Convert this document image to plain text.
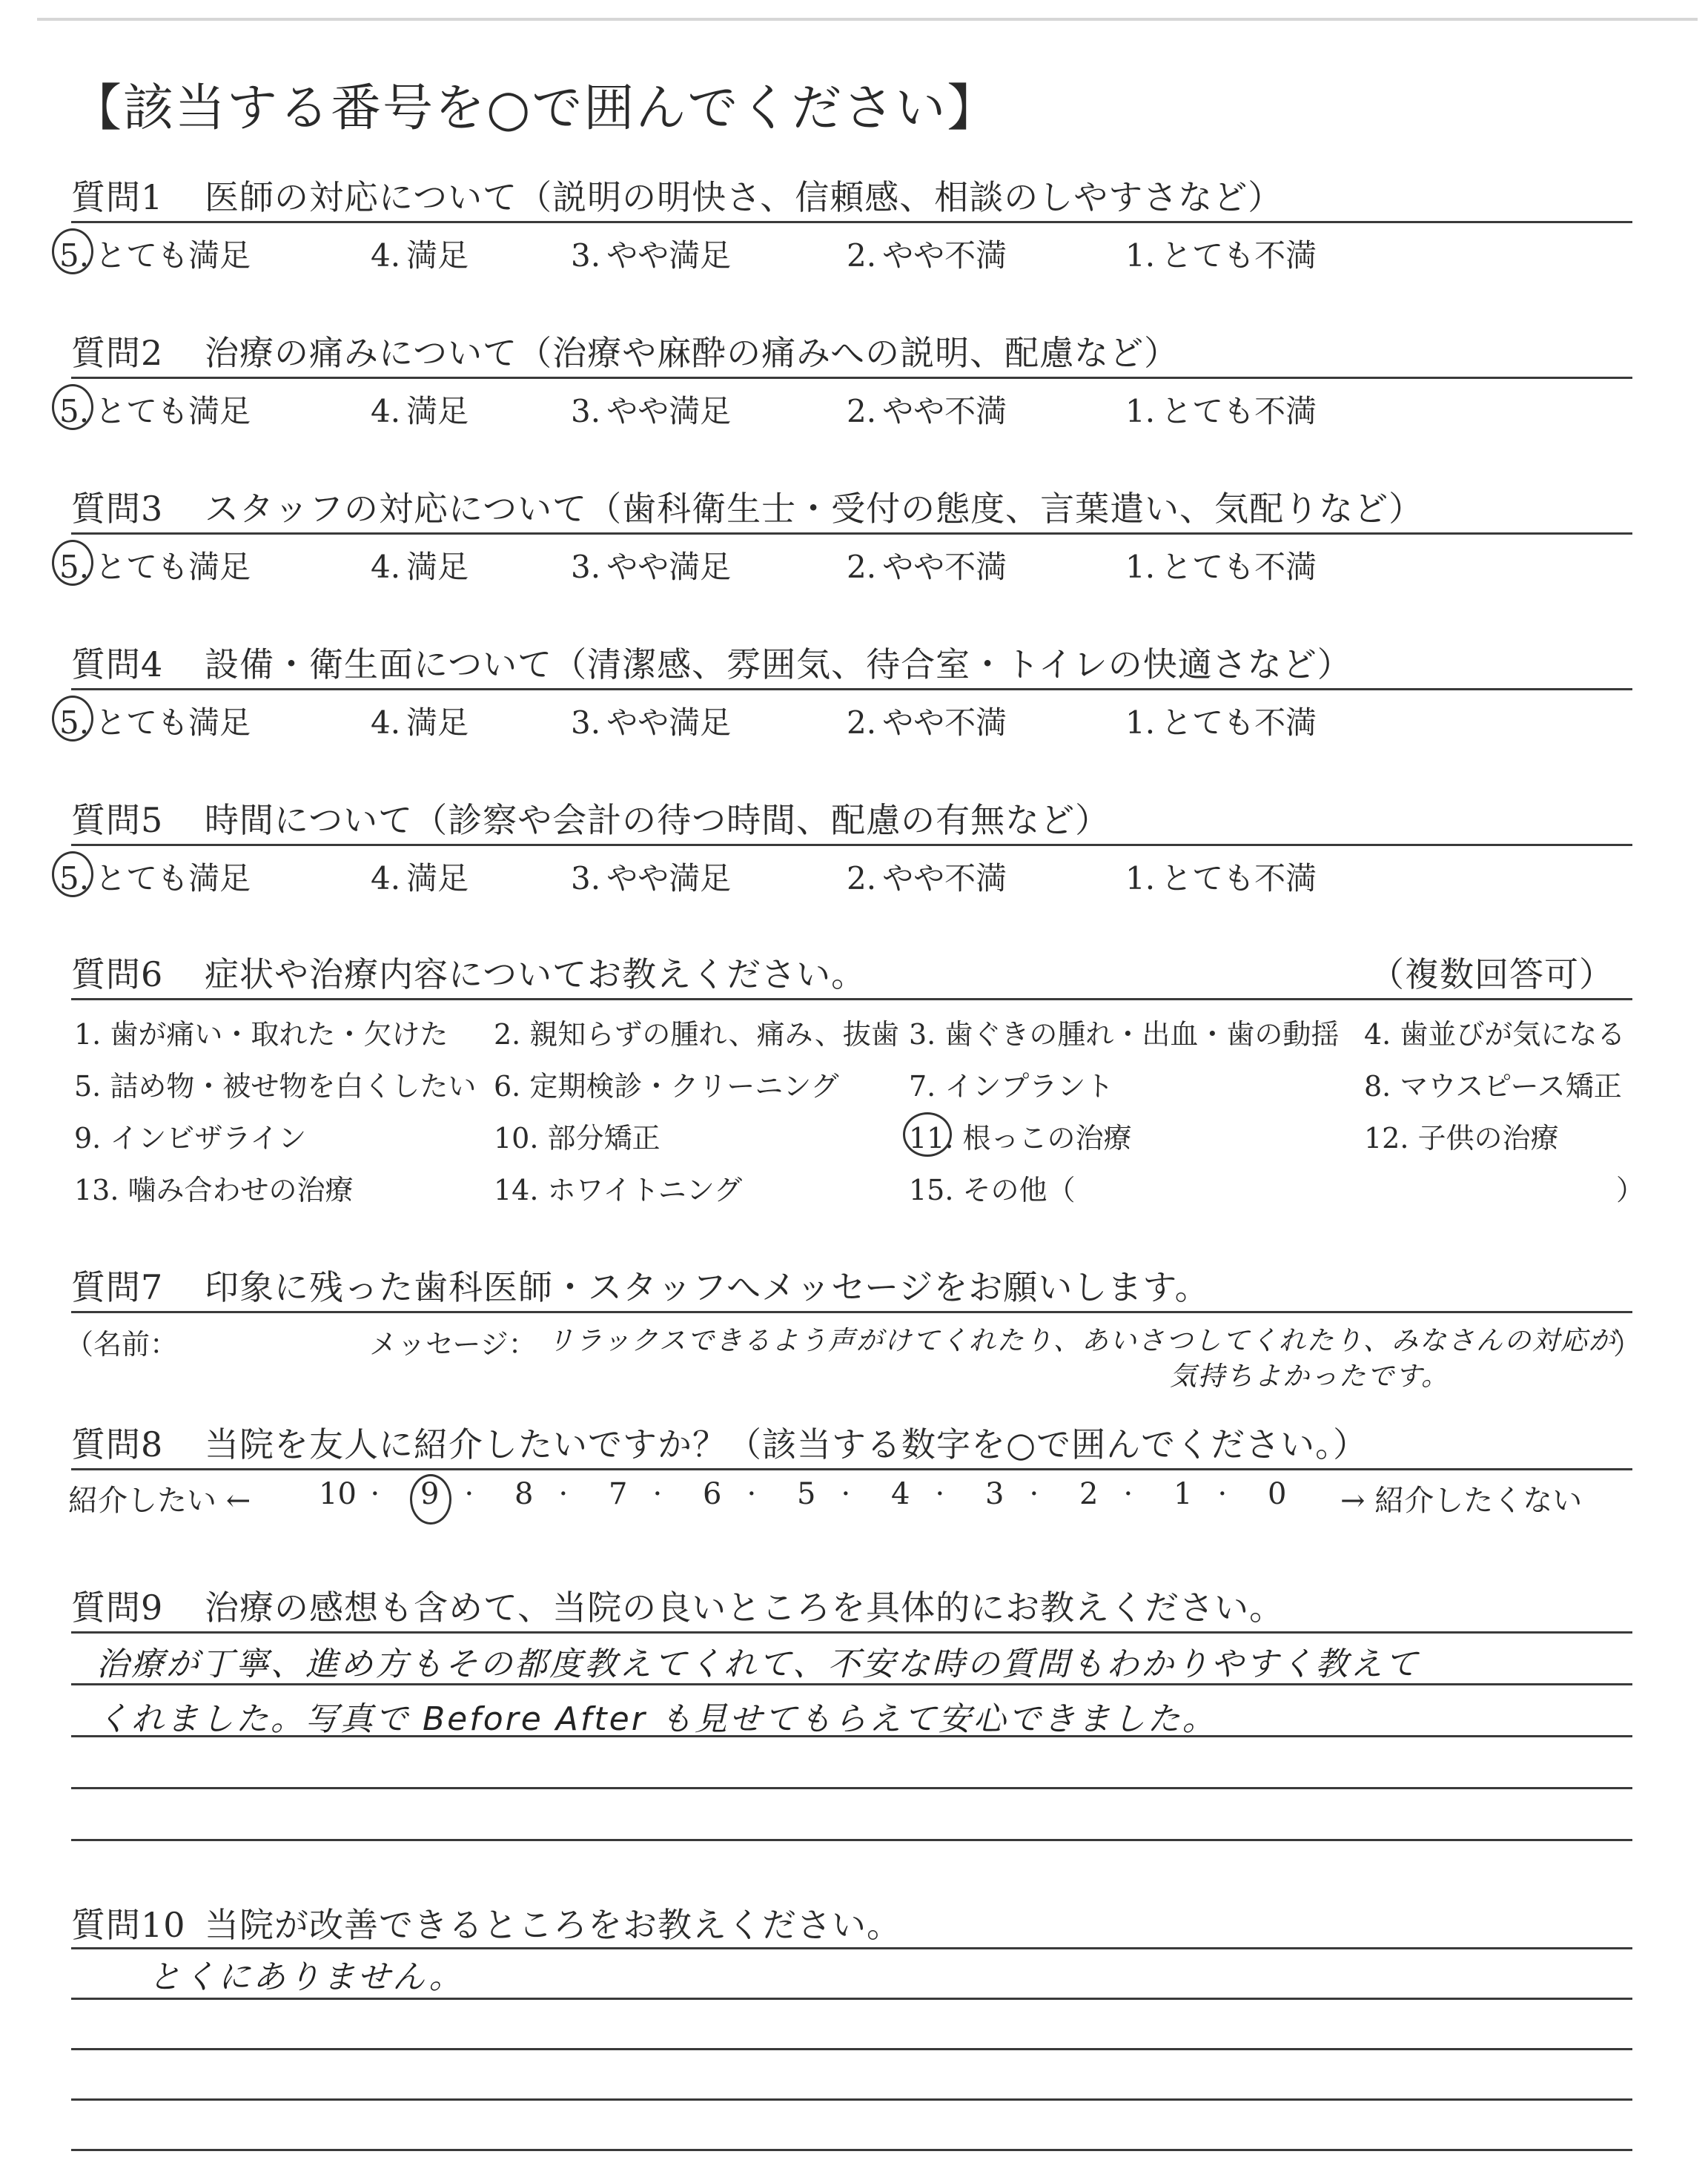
【該当する番号を○で囲んでください】
質問1 医師の対応について（説明の明快さ、信頼感、相談のしやすさなど）
5. とても満足	4. 満足	3. やや満足	2. やや不満	1. とても不満
質問2 治療の痛みについて（治療や麻酔の痛みへの説明、配慮など）
5. とても満足	4. 満足	3. やや満足	2. やや不満	1. とても不満
質問3 スタッフの対応について（歯科衛生士・受付の態度、言葉遣い、気配りなど）
5. とても満足	4. 満足	3. やや満足	2. やや不満	1. とても不満
質問4 設備・衛生面について（清潔感、雰囲気、待合室・トイレの快適さなど）
5. とても満足	4. 満足	3. やや満足	2. やや不満	1. とても不満
質問5 時間について（診察や会計の待つ時間、配慮の有無など）
5. とても満足	4. 満足	3. やや満足	2. やや不満	1. とても不満
質問6 症状や治療内容についてお教えください。	（複数回答可）
1. 歯が痛い・取れた・欠けた 2. 親知らずの腫れ、痛み、抜歯 3. 歯ぐきの腫れ・出血・歯の動揺 4. 歯並びが気になる
5. 詰め物・被せ物を白くしたい 6. 定期検診・クリーニング 7. インプラント	8. マウスピース矯正
9. インビザライン	10. 部分矯正	11. 根っこの治療	12. 子供の治療
13. 噛み合わせの治療	14. ホワイトニング	15. その他（	）
質問7 印象に残った歯科医師・スタッフへメッセージをお願いします。
（名前：	メッセージ： リラックスできるよう声がけてくれたり、あいさつしてくれたり、みなさんの対応が
気持ちよかったです。
）
質問8 当院を友人に紹介したいですか？（該当する数字を○で囲んでください。）
紹介したい ←	→ 紹介したくない
10 · 9 · 8 · 7 · 6 · 5 · 4 · 3 · 2 · 1 · 0
質問9 治療の感想も含めて、当院の良いところを具体的にお教えください。
治療が丁寧、進め方もその都度教えてくれて、不安な時の質問もわかりやすく教えて
くれました。写真で Before After も見せてもらえて安心できました。
質問10 当院が改善できるところをお教えください。
とくにありません。
